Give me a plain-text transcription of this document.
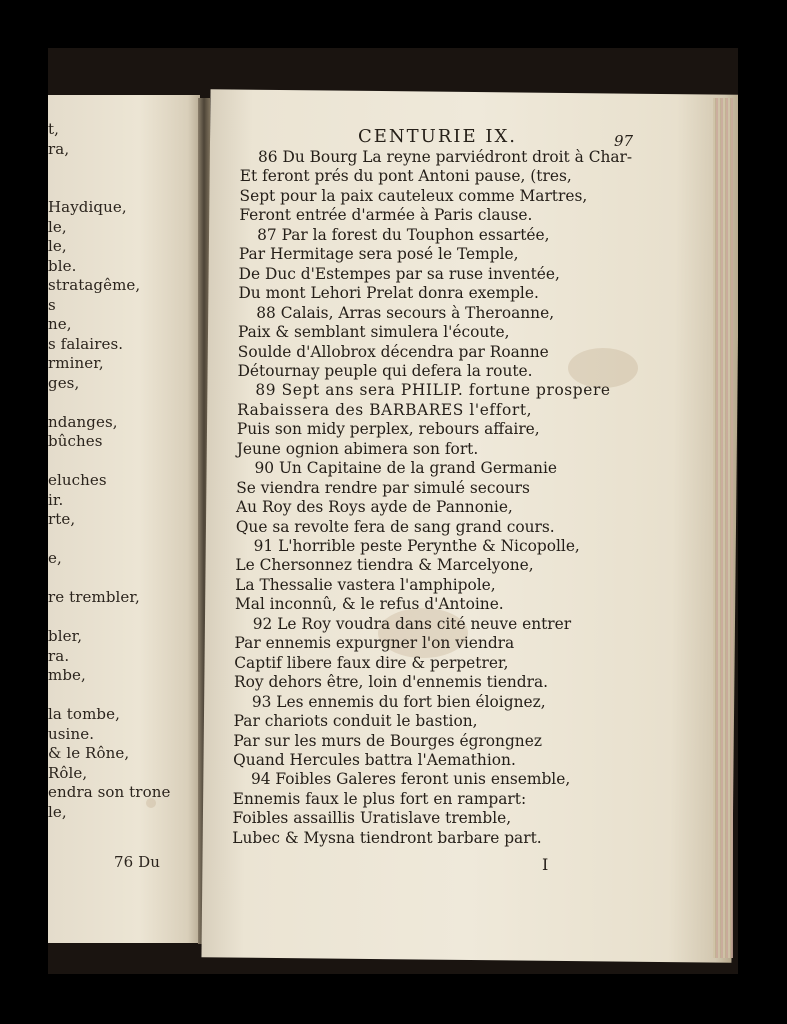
t,
ra,
Haydique,
le,
le,
ble.
stratagême,
s
ne,
s falaires.
rminer,
ges,
ndanges,
bûches
eluches
ir.
rte,
e,
re trembler,
bler,
ra.
mbe,
la tombe,
usine.
& le Rône,
Rôle,
endra son trone
le,
76 Du
CENTURIE IX.	97
86 Du Bourg La reyne parviédront droit à Char-
Et feront prés du pont Antoni pause, (tres,
Sept pour la paix cauteleux comme Martres,
Feront entrée d'armée à Paris clause.
87 Par la forest du Touphon essartée,
Par Hermitage sera posé le Temple,
De Duc d'Estempes par sa ruse inventée,
Du mont Lehori Prelat donra exemple.
88 Calais, Arras secours à Theroanne,
Paix & semblant simulera l'écoute,
Soulde d'Allobrox décendra par Roanne
Détournay peuple qui defera la route.
89 Sept ans sera PHILIP. fortune prospere
Rabaissera des BARBARES l'effort,
Puis son midy perplex, rebours affaire,
Jeune ognion abimera son fort.
90 Un Capitaine de la grand Germanie
Se viendra rendre par simulé secours
Au Roy des Roys ayde de Pannonie,
Que sa revolte fera de sang grand cours.
91 L'horrible peste Perynthe & Nicopolle,
Le Chersonnez tiendra & Marcelyone,
La Thessalie vastera l'amphipole,
Mal inconnû, & le refus d'Antoine.
92 Le Roy voudra dans cité neuve entrer
Par ennemis expurgner l'on viendra
Captif libere faux dire & perpetrer,
Roy dehors être, loin d'ennemis tiendra.
93 Les ennemis du fort bien éloignez,
Par chariots conduit le bastion,
Par sur les murs de Bourges égrongnez
Quand Hercules battra l'Aemathion.
94 Foibles Galeres feront unis ensemble,
Ennemis faux le plus fort en rampart:
Foibles assaillis Uratislave tremble,
Lubec & Mysna tiendront barbare part.
I
